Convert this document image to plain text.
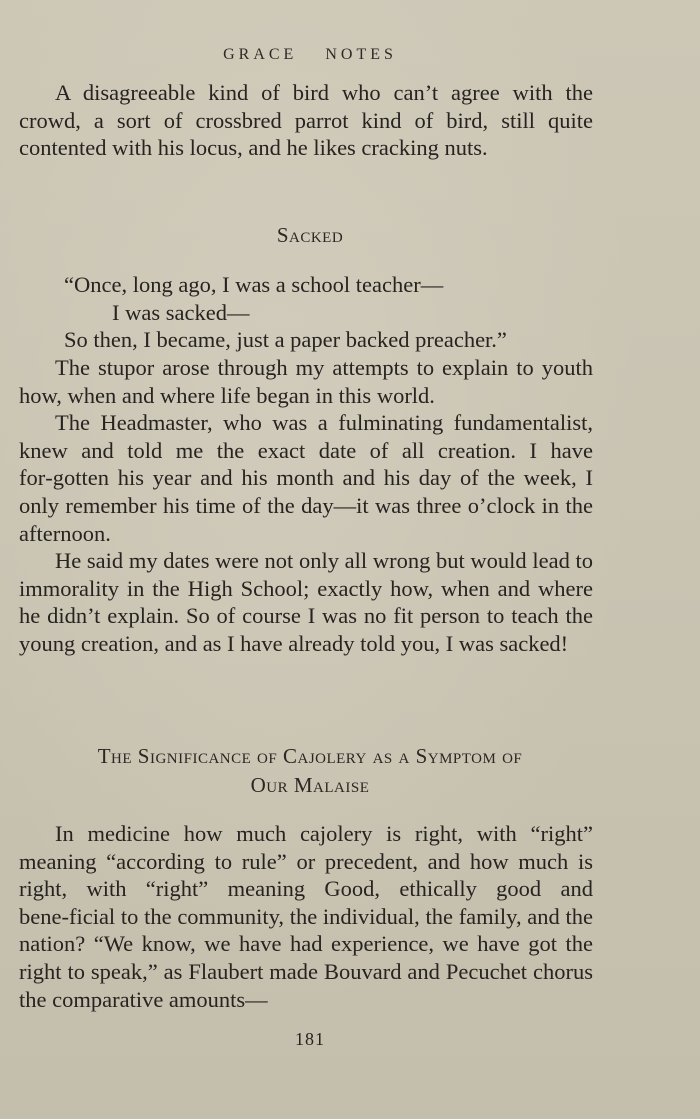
GRACE NOTES

A disagreeable kind of bird who can’t agree with the crowd, a sort of crossbred parrot kind of bird, still quite contented with his locus, and he likes cracking nuts.

Sacked
“Once, long ago, I was a school teacher—
I was sacked—
So then, I became, just a paper backed preacher.”

The stupor arose through my attempts to explain to youth how, when and where life began in this world.

The Headmaster, who was a fulminating fundamentalist, knew and told me the exact date of all creation. I have for‑gotten his year and his month and his day of the week, I only remember his time of the day—it was three o’clock in the afternoon.

He said my dates were not only all wrong but would lead to immorality in the High School; exactly how, when and where he didn’t explain. So of course I was no fit person to teach the young creation, and as I have already told you, I was sacked!

The Significance of Cajolery as a Symptom of
Our Malaise

In medicine how much cajolery is right, with “right” meaning “according to rule” or precedent, and how much is right, with “right” meaning Good, ethically good and bene‑ficial to the community, the individual, the family, and the nation? “We know, we have had experience, we have got the right to speak,” as Flaubert made Bouvard and Pecuchet chorus the comparative amounts—

181
